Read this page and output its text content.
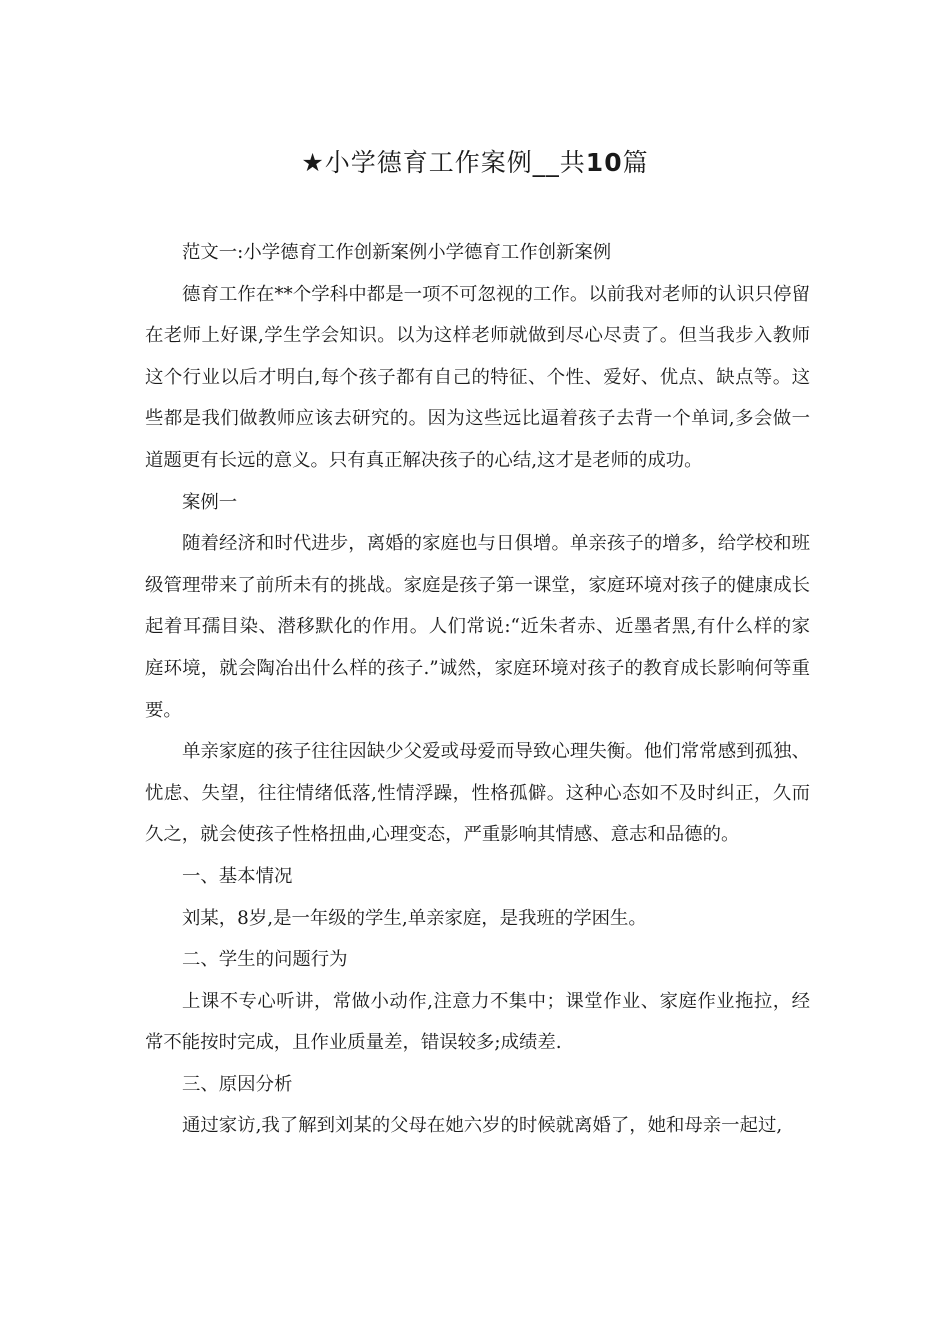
★小学德育工作案例__共10篇

范文一:小学德育工作创新案例小学德育工作创新案例

德育工作在**个学科中都是一项不可忽视的工作。以前我对老师的认识只停留在老师上好课,学生学会知识。以为这样老师就做到尽心尽责了。但当我步入教师这个行业以后才明白,每个孩子都有自己的特征、个性、爱好、优点、缺点等。这些都是我们做教师应该去研究的。因为这些远比逼着孩子去背一个单词,多会做一道题更有长远的意义。只有真正解决孩子的心结,这才是老师的成功。

案例一

随着经济和时代进步，离婚的家庭也与日俱增。单亲孩子的增多，给学校和班级管理带来了前所未有的挑战。家庭是孩子第一课堂，家庭环境对孩子的健康成长起着耳孺目染、潜移默化的作用。人们常说:“近朱者赤、近墨者黑,有什么样的家庭环境，就会陶冶出什么样的孩子.”诚然，家庭环境对孩子的教育成长影响何等重要。

单亲家庭的孩子往往因缺少父爱或母爱而导致心理失衡。他们常常感到孤独、忧虑、失望，往往情绪低落,性情浮躁，性格孤僻。这种心态如不及时纠正，久而久之，就会使孩子性格扭曲,心理变态，严重影响其情感、意志和品德的。

一、基本情况

刘某，8岁,是一年级的学生,单亲家庭，是我班的学困生。

二、学生的问题行为

上课不专心听讲，常做小动作,注意力不集中；课堂作业、家庭作业拖拉，经常不能按时完成，且作业质量差，错误较多;成绩差.

三、原因分析

通过家访,我了解到刘某的父母在她六岁的时候就离婚了，她和母亲一起过,
